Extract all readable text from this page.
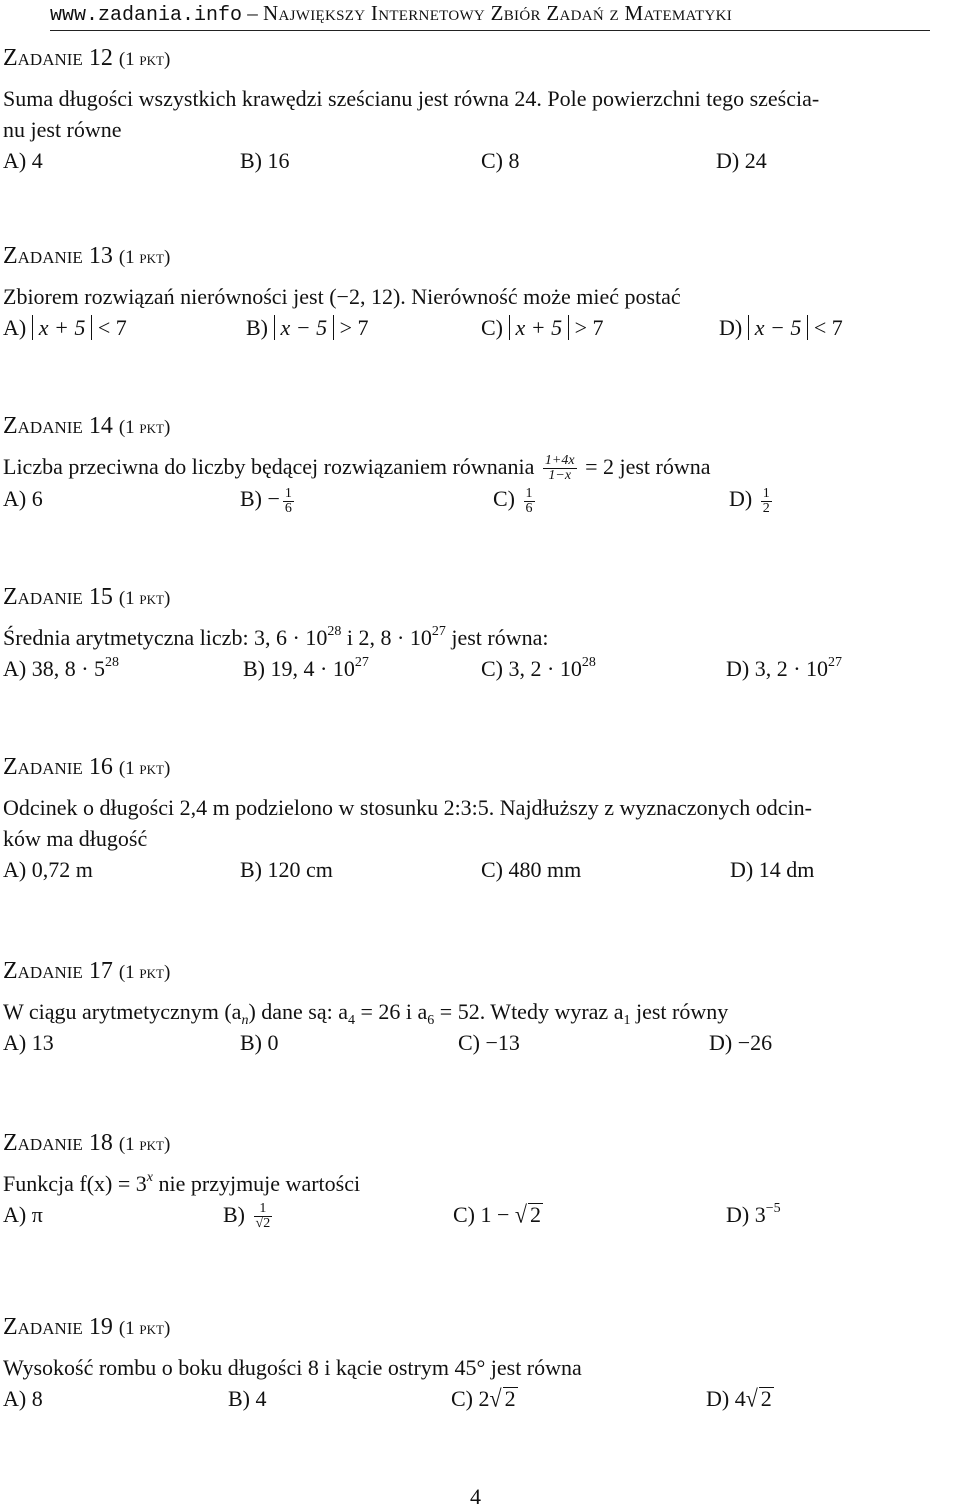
www.zadania.info – Największy Internetowy Zbiór Zadań z Matematyki
Zadanie 12 (1 pkt)
Suma długości wszystkich krawędzi sześcianu jest równa 24. Pole powierzchni tego sześcia-
nu jest równe
A) 4	B) 16	C) 8	D) 24
Zadanie 13 (1 pkt)
Zbiorem rozwiązań nierówności jest (−2, 12). Nierówność może mieć postać
A) x + 5 < 7	B) x − 5 > 7	C) x + 5 > 7	D) x − 5 < 7
Zadanie 14 (1 pkt)
Liczba przeciwna do liczby będącej rozwiązaniem równania $\frac{1+4x}{1-x} = 2$ jest równa
A) 6	$B) - \frac{1}{6}$	$C) \frac{1}{6}$	$D) \frac{1}{2}$
Zadanie 15 (1 pkt)
Średnia arytmetyczna liczb: 3, $6 \cdot 10^{28}$ i 2, $8 \cdot 10^{27}$ jest równa:
A) 38, $8 \cdot 5^{28}$	B) 19, $4 \cdot 10^{27}$	C) 3, $2 \cdot 10^{28}$	D) 3, $2 \cdot 10^{27}$
Zadanie 16 (1 pkt)
Odcinek o długości 2,4 m podzielono w stosunku 2:3:5. Najdłuższy z wyznaczonych odcin-
ków ma długość
A) 0,72 m	B) 120 cm	C) 480 mm	D) 14 dm
Zadanie 17 (1 pkt)
W ciągu arytmetycznym $(a_n)$ dane są: $a_4 = 26$ i $a_6 = 52$. Wtedy wyraz $a_1$ jest równy
A) 13	B) 0	C) −13	D) −26
Zadanie 18 (1 pkt)
Funkcja $f(x) = 3^x$ nie przyjmuje wartości
A) π	$B) \frac{1}{√2}$	C) 1 − √ 2	D) $3^{-5}$
Zadanie 19 (1 pkt)
Wysokość rombu o boku długości 8 i kącie ostrym 45° jest równa
A) 8	B) 4	C) 2√ 2	D) 4√ 2
4
